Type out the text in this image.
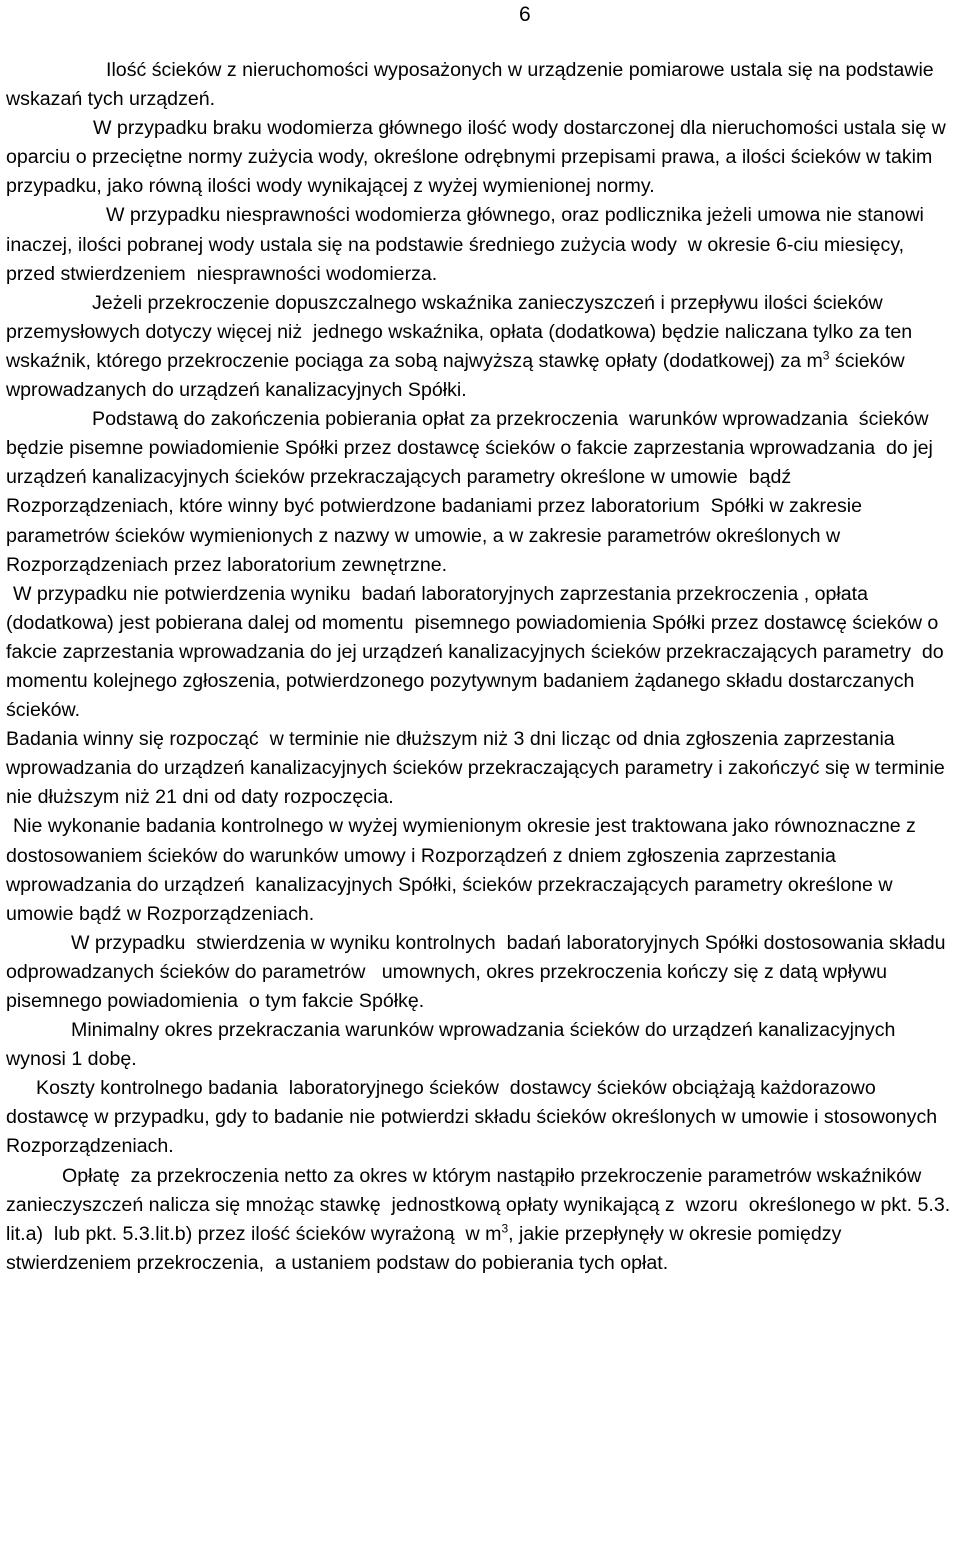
6

Ilość ścieków z nieruchomości wyposażonych w urządzenie pomiarowe ustala się na podstawie wskazań tych urządzeń.

W przypadku braku wodomierza głównego ilość wody dostarczonej dla nieruchomości ustala się w oparciu o przeciętne normy zużycia wody, określone odrębnymi przepisami prawa, a ilości ścieków w takim  przypadku, jako równą ilości wody wynikającej z wyżej wymienionej normy.

W przypadku niesprawności wodomierza głównego, oraz podlicznika jeżeli umowa nie stanowi inaczej, ilości pobranej wody ustala się na podstawie średniego zużycia wody  w okresie 6-ciu miesięcy, przed stwierdzeniem  niesprawności wodomierza.

Jeżeli przekroczenie dopuszczalnego wskaźnika zanieczyszczeń i przepływu ilości ścieków  przemysłowych dotyczy więcej niż  jednego wskaźnika, opłata (dodatkowa) będzie naliczana tylko za ten wskaźnik, którego przekroczenie pociąga za sobą najwyższą stawkę opłaty (dodatkowej) za $m^3$ ścieków wprowadzanych do urządzeń kanalizacyjnych Spółki.

Podstawą do zakończenia pobierania opłat za przekroczenia  warunków wprowadzania  ścieków będzie pisemne powiadomienie Spółki przez dostawcę ścieków o fakcie zaprzestania wprowadzania  do jej urządzeń kanalizacyjnych ścieków przekraczających parametry określone w umowie  bądź  Rozporządzeniach, które winny być potwierdzone badaniami przez laboratorium  Spółki w zakresie parametrów ścieków wymienionych z nazwy w umowie, a w zakresie parametrów określonych w Rozporządzeniach przez laboratorium zewnętrzne.

W przypadku nie potwierdzenia wyniku  badań laboratoryjnych zaprzestania przekroczenia , opłata (dodatkowa) jest pobierana dalej od momentu  pisemnego powiadomienia Spółki przez dostawcę ścieków o fakcie zaprzestania wprowadzania do jej urządzeń kanalizacyjnych ścieków przekraczających parametry  do momentu kolejnego zgłoszenia, potwierdzonego pozytywnym badaniem żądanego składu dostarczanych ścieków.

Badania winny się rozpocząć  w terminie nie dłuższym niż 3 dni licząc od dnia zgłoszenia zaprzestania wprowadzania do urządzeń kanalizacyjnych ścieków przekraczających parametry i zakończyć się w terminie nie dłuższym niż 21 dni od daty rozpoczęcia.

Nie wykonanie badania kontrolnego w wyżej wymienionym okresie jest traktowana jako równoznaczne z dostosowaniem ścieków do warunków umowy i Rozporządzeń z dniem zgłoszenia zaprzestania wprowadzania do urządzeń  kanalizacyjnych Spółki, ścieków przekraczających parametry określone w umowie bądź w Rozporządzeniach.

W przypadku  stwierdzenia w wyniku kontrolnych  badań laboratoryjnych Spółki dostosowania składu  odprowadzanych ścieków do parametrów   umownych, okres przekroczenia kończy się z datą wpływu  pisemnego powiadomienia  o tym fakcie Spółkę.

Minimalny okres przekraczania warunków wprowadzania ścieków do urządzeń kanalizacyjnych wynosi 1 dobę.

Koszty kontrolnego badania  laboratoryjnego ścieków  dostawcy ścieków obciążają każdorazowo dostawcę w przypadku, gdy to badanie nie potwierdzi składu ścieków określonych w umowie i stosowonych Rozporządzeniach.

Opłatę  za przekroczenia netto za okres w którym nastąpiło przekroczenie parametrów wskaźników zanieczyszczeń nalicza się mnożąc stawkę  jednostkową opłaty wynikającą z  wzoru  określonego w pkt. 5.3. lit.a)  lub pkt. 5.3.lit.b) przez ilość ścieków wyrażoną  w $m^3$, jakie przepłynęły w okresie pomiędzy stwierdzeniem przekroczenia,  a ustaniem podstaw do pobierania tych opłat.
